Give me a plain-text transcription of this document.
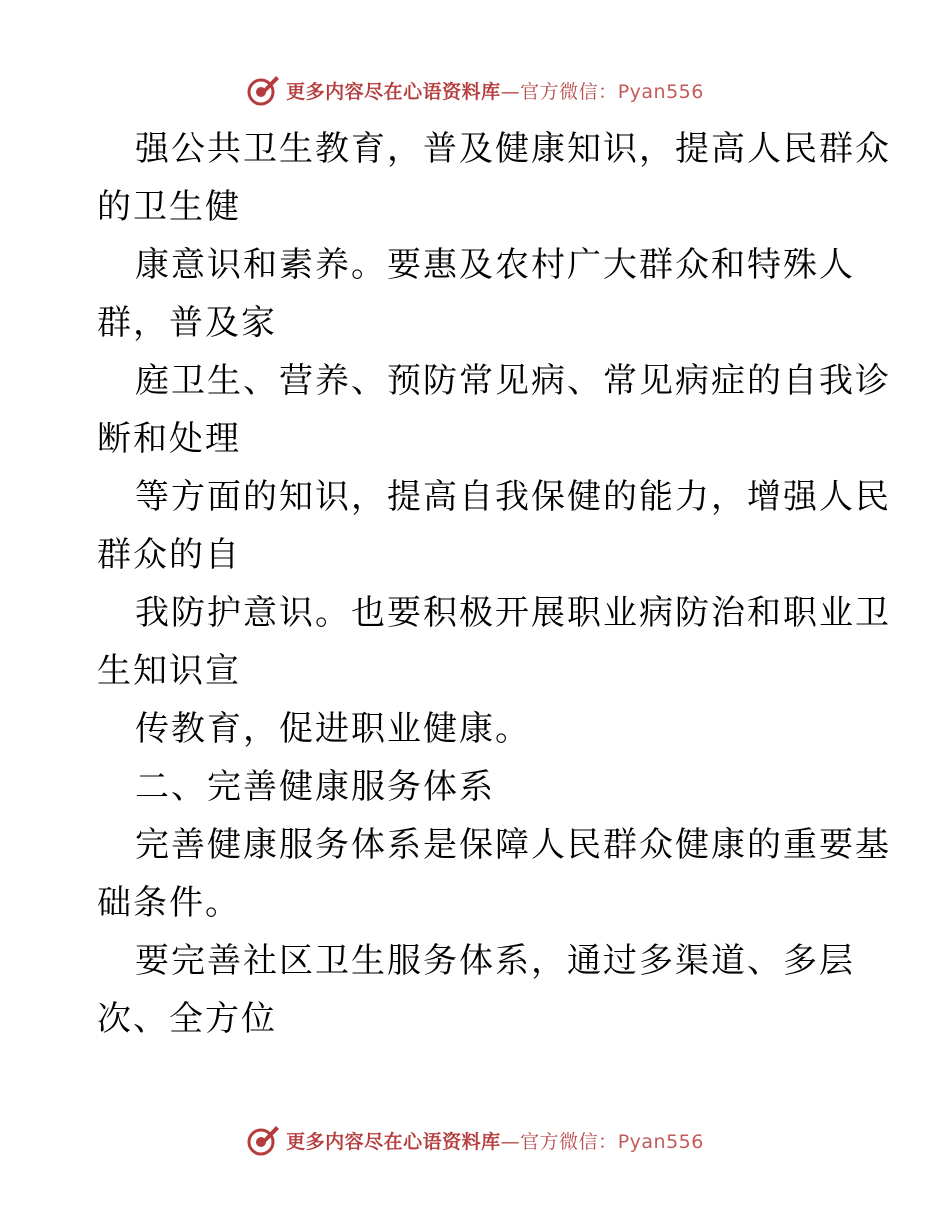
更多内容尽在心语资料库—官方微信：Pyan556
强公共卫生教育，普及健康知识，提高人民群众
的卫生健
康意识和素养。要惠及农村广大群众和特殊人
群，普及家
庭卫生、营养、预防常见病、常见病症的自我诊
断和处理
等方面的知识，提高自我保健的能力，增强人民
群众的自
我防护意识。也要积极开展职业病防治和职业卫
生知识宣
传教育，促进职业健康。
二、完善健康服务体系
完善健康服务体系是保障人民群众健康的重要基
础条件。
要完善社区卫生服务体系，通过多渠道、多层
次、全方位
更多内容尽在心语资料库—官方微信：Pyan556
